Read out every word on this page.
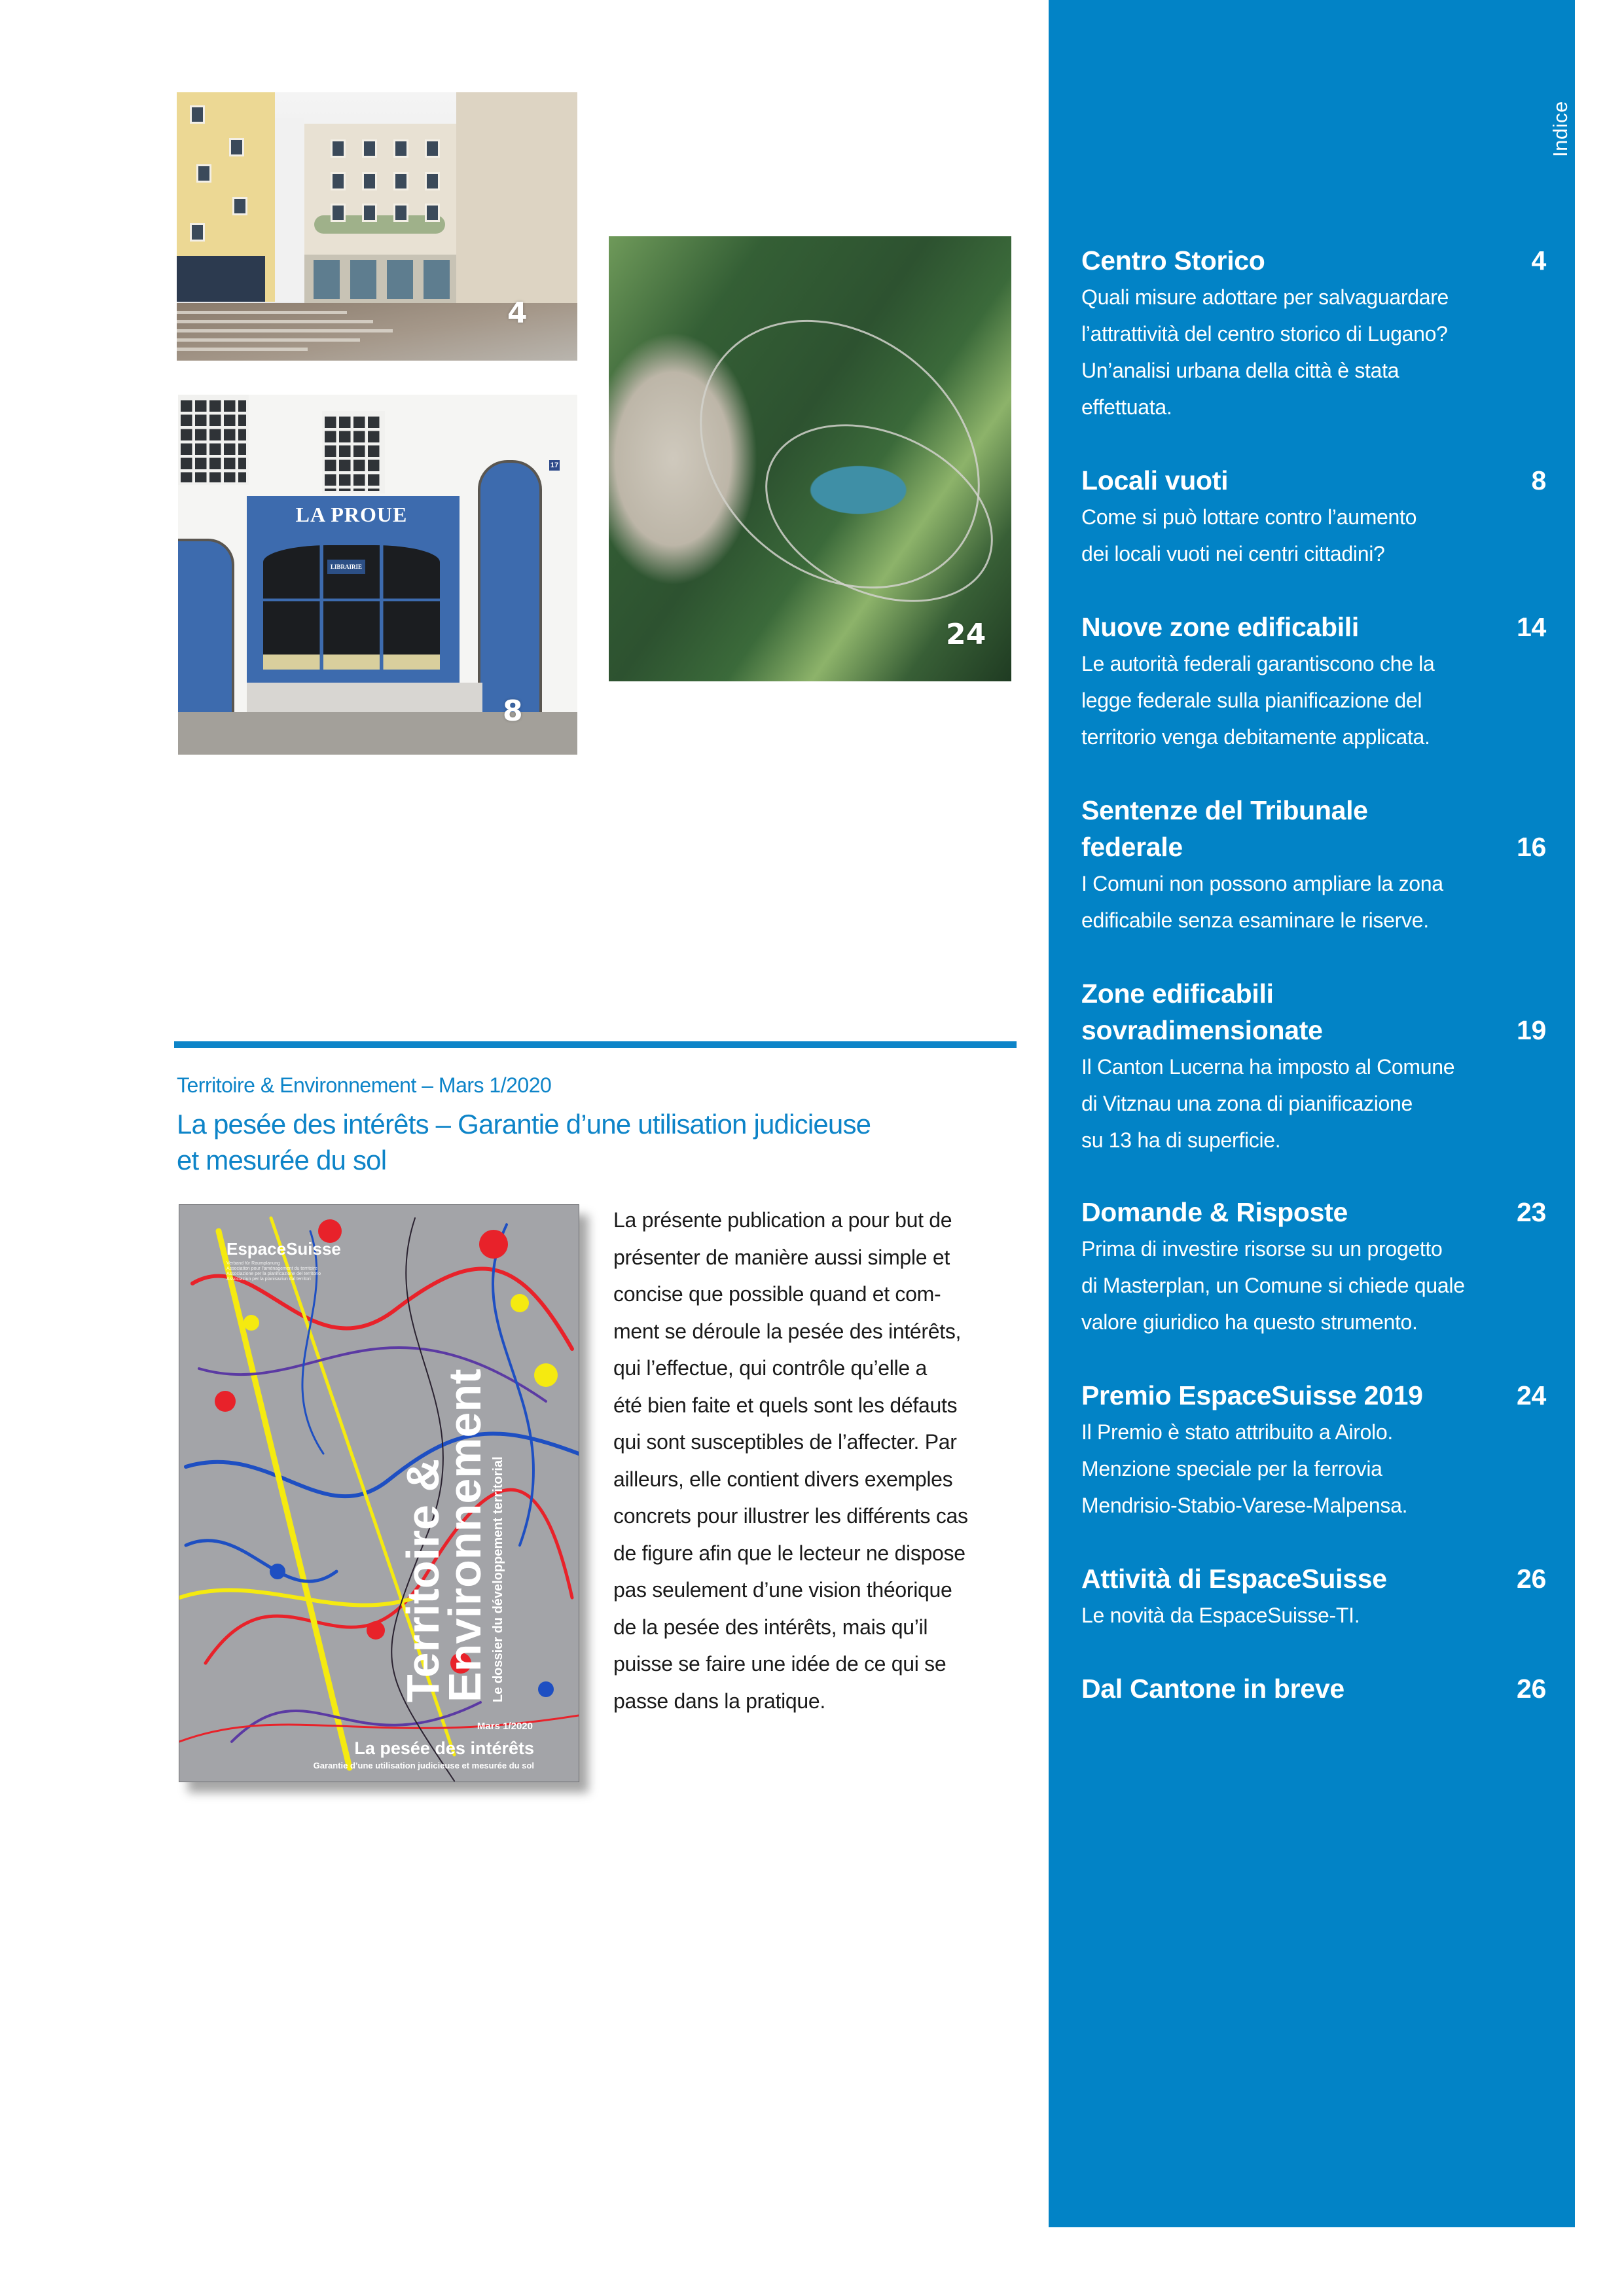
4
LA PROUE
LIBRAIRIE
17
8
24
Territoire & Environnement – Mars 1/2020
La pesée des intérêts – Garantie d’une utilisation judicieuse
et mesurée du sol
EspaceSuisse
Verband für Raumplanung
Association pour l’aménagement du territoire
Associazione per la pianificazione del territorio
Associaziun per la planisaziun dal territori
Territoire &
Environnement Le dossier du développement territorial
Mars 1/2020
La pesée des intérêts
Garantie d’une utilisation judicieuse et mesurée du sol
La présente publication a pour but de
présenter de manière aussi simple et
concise que possible quand et com-
ment se déroule la pesée des intérêts,
qui l’effectue, qui contrôle qu’elle a
été bien faite et quels sont les défauts
qui sont susceptibles de l’affecter. Par
ailleurs, elle contient divers exemples
concrets pour illustrer les différents cas
de figure afin que le lecteur ne dispose
pas seulement d’une vision théorique
de la pesée des intérêts, mais qu’il
puisse se faire une idée de ce qui se
passe dans la pratique.
Indice
Centro Storico	4
Quali misure adottare per salvaguardare
l’attrattività del centro storico di Lugano?
Un’analisi urbana della città è stata
effettuata.
Locali vuoti	8
Come si può lottare contro l’aumento
dei locali vuoti nei centri cittadini?
Nuove zone edificabili	14
Le autorità federali garantiscono che la
legge federale sulla pianificazione del
territorio venga debitamente applicata.
Sentenze del Tribunale
federale	16
I Comuni non possono ampliare la zona
edificabile senza esaminare le riserve.
Zone edificabili
sovradimensionate	19
Il Canton Lucerna ha imposto al Comune
di Vitznau una zona di pianificazione
su 13 ha di superficie.
Domande & Risposte	23
Prima di investire risorse su un progetto
di Masterplan, un Comune si chiede quale
valore giuridico ha questo strumento.
Premio EspaceSuisse 2019	24
Il Premio è stato attribuito a Airolo.
Menzione speciale per la ferrovia
Mendrisio-Stabio-Varese-Malpensa.
Attività di EspaceSuisse	26
Le novità da EspaceSuisse-TI.
Dal Cantone in breve	26
